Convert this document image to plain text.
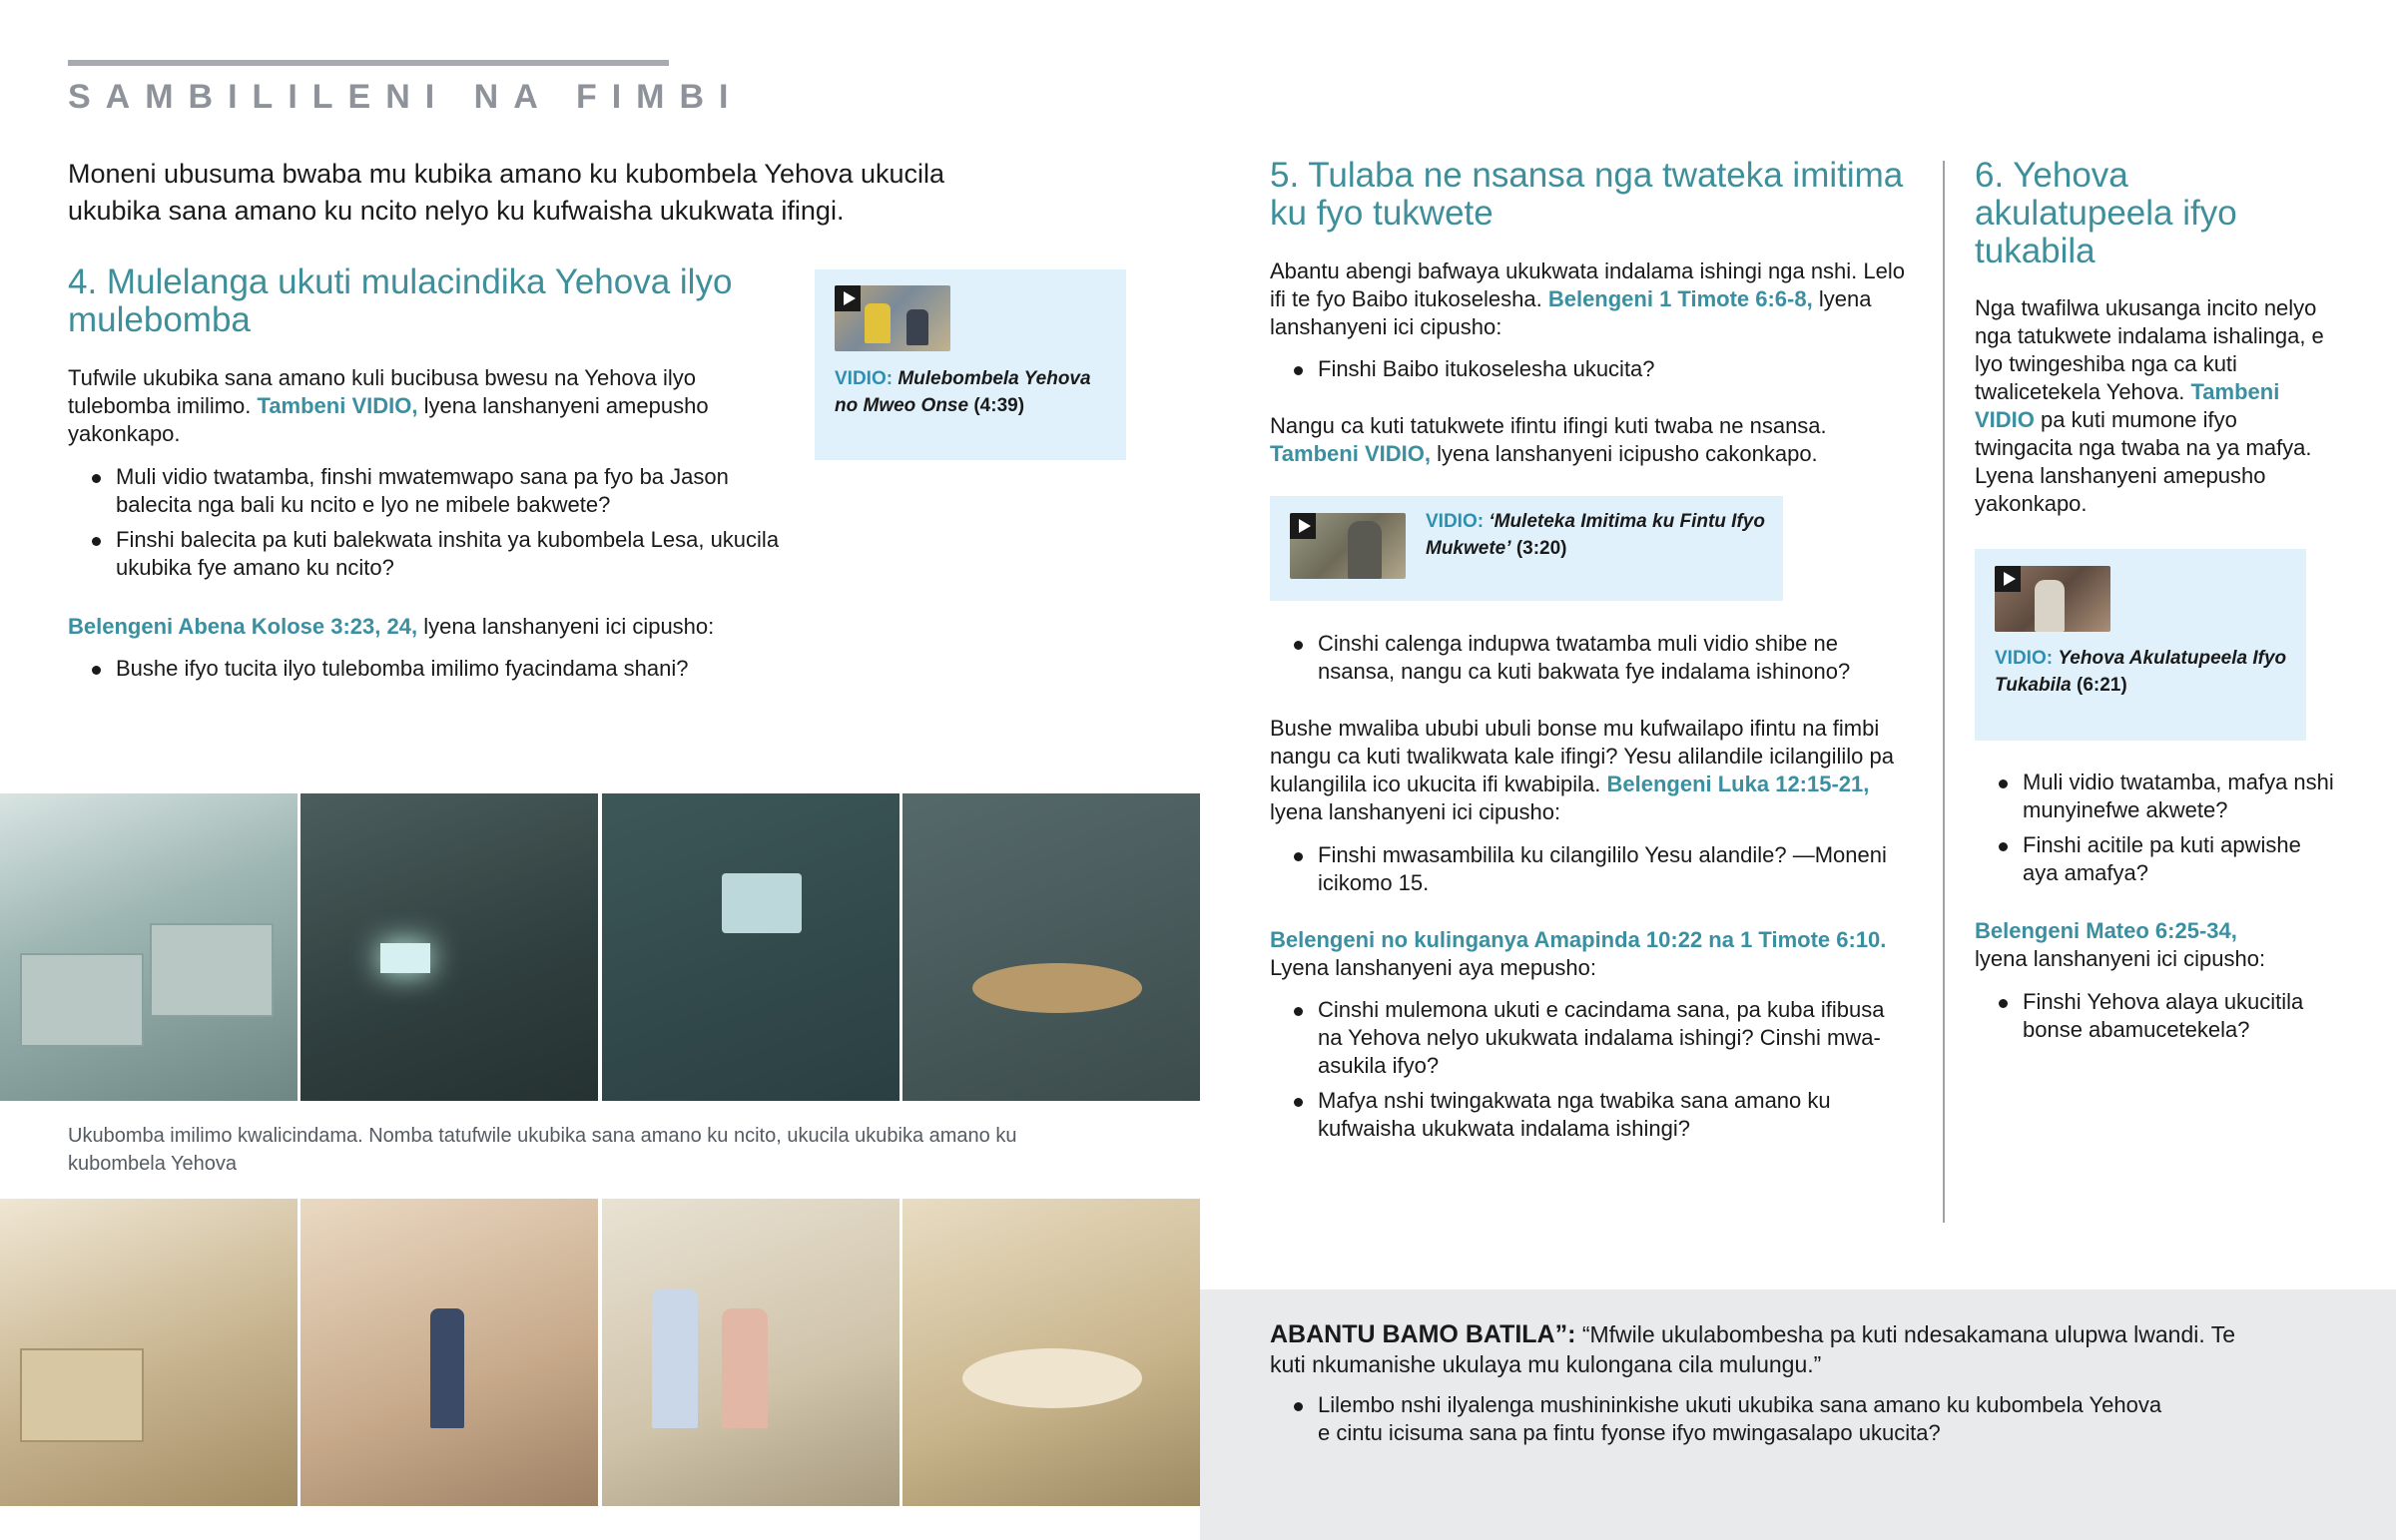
SAMBILILENI NA FIMBI
Moneni ubusuma bwaba mu kubika amano ku kubombela Yehova ukucila ukubika sana amano ku ncito nelyo ku kufwaisha ukukwata ifingi.
4. Mulelanga ukuti mulacindika Yehova ilyo mulebomba
Tufwile ukubika sana amano kuli bucibusa bwesu na Yehova ilyo tulebomba imilimo. Tambeni VIDIO, lyena lanshanyeni amepusho yakonkapo.
Muli vidio twatamba, finshi mwatemwapo sana pa fyo ba Jason balecita nga bali ku ncito e lyo ne mibele bakwete?
Finshi balecita pa kuti balekwata inshita ya kubombela Lesa, ukucila ukubika fye amano ku ncito?
Belengeni Abena Kolose 3:23, 24, lyena lanshanyeni ici cipusho:
Bushe ifyo tucita ilyo tulebomba imilimo fyacindama shani?
VIDIO: Mulebombela Yehova no Mweo Onse (4:39)
Ukubomba imilimo kwalicindama. Nomba tatufwile ukubika sana amano ku ncito, ukucila ukubika amano ku kubombela Yehova
5. Tulaba ne nsansa nga twateka imitima ku fyo tukwete
Abantu abengi bafwaya ukukwata indalama ishingi nga nshi. Lelo ifi te fyo Baibo itukoselesha. Belengeni 1 Timote 6:6-8, lyena lanshanyeni ici cipusho:
Finshi Baibo itukoselesha ukucita?
Nangu ca kuti tatukwete ifintu ifingi kuti twaba ne nsansa. Tambeni VIDIO, lyena lanshanyeni icipusho cakonkapo.
VIDIO: ‘Muleteka Imitima ku Fintu Ifyo Mukwete’ (3:20)
Cinshi calenga indupwa twatamba muli vidio shibe ne nsansa, nangu ca kuti bakwata fye indalama ishinono?
Bushe mwaliba ububi ubuli bonse mu kufwailapo ifintu na fimbi nangu ca kuti twalikwata kale ifingi? Yesu alilandile icilangililo pa kulangilila ico ukucita ifi kwabipila. Belengeni Luka 12:15-21, lyena lanshanyeni ici cipusho:
Finshi mwasambilila ku cilangililo Yesu alandile? —Moneni icikomo 15.
Belengeni no kulinganya Amapinda 10:22 na 1 Timote 6:10.
Lyena lanshanyeni aya mepusho:
Cinshi mulemona ukuti e cacindama sana, pa kuba ifibusa na Yehova nelyo ukukwata indalama ishingi? Cinshi mwa-asukila ifyo?
Mafya nshi twingakwata nga twabika sana amano ku kufwaisha ukukwata indalama ishingi?
6. Yehova akulatupeela ifyo tukabila
Nga twafilwa ukusanga incito nelyo nga tatukwete indalama ishalinga, e lyo twingeshiba nga ca kuti twalicetekela Yehova. Tambeni VIDIO pa kuti mumone ifyo twingacita nga twaba na ya mafya. Lyena lanshanyeni amepusho yakonkapo.
VIDIO: Yehova Akulatupeela Ifyo Tukabila (6:21)
Muli vidio twatamba, mafya nshi munyinefwe akwete?
Finshi acitile pa kuti apwishe aya amafya?
Belengeni Mateo 6:25-34,
lyena lanshanyeni ici cipusho:
Finshi Yehova alaya ukucitila bonse abamucetekela?
ABANTU BAMO BATILA”: “Mfwile ukulabombesha pa kuti ndesakamana ulupwa lwandi. Te kuti nkumanishe ukulaya mu kulongana cila mulungu.”
Lilembo nshi ilyalenga mushininkishe ukuti ukubika sana amano ku kubombela Yehova e cintu icisuma sana pa fintu fyonse ifyo mwingasalapo ukucita?
